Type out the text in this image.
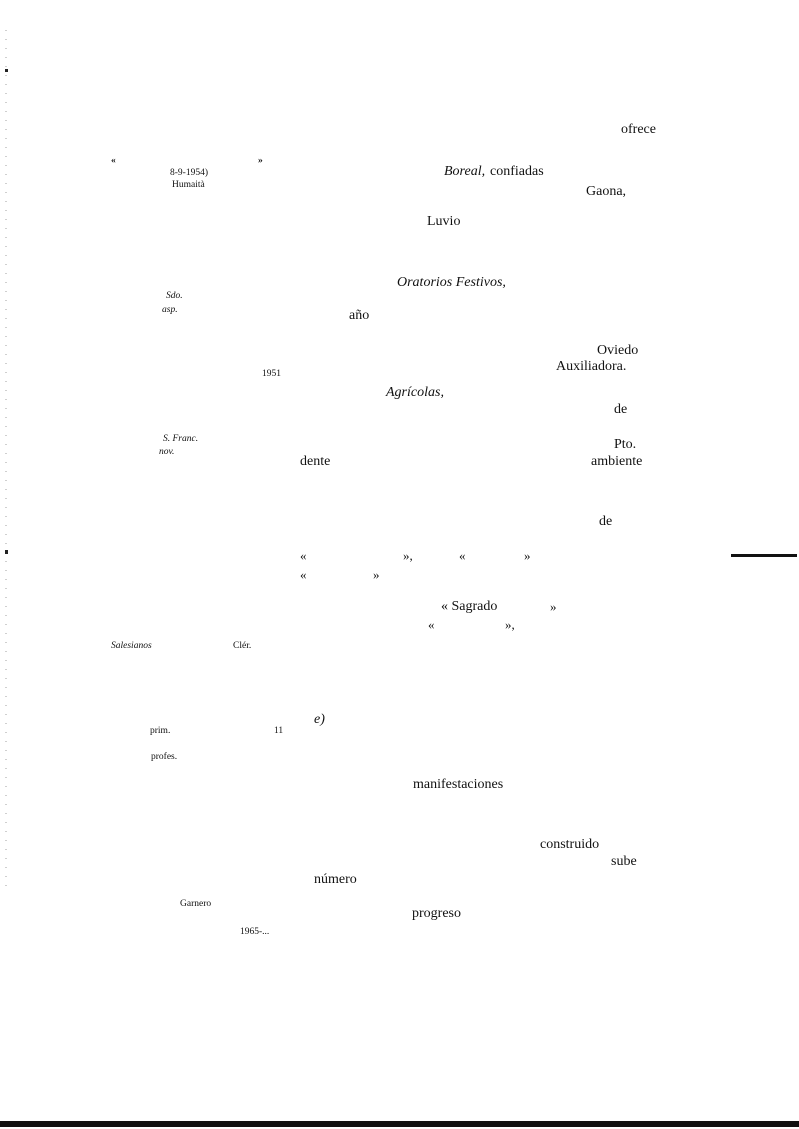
ofrece
«	»
8-9-1954)
Humaità
Boreal, confiadas
Gaona,
Luvio
Oratorios Festivos,
Sdo.
asp.	año
Oviedo
1951	Auxiliadora.
Agrícolas,
de
S. Franc.
nov.	Pto.
dente	ambiente
de
«	»,	«	»
«	»
« Sagrado	»
«	»,
Salesianos	Clér.
e)
prim.	11
profes.
manifestaciones
construido
sube
número
Garnero
progreso
1965-...
